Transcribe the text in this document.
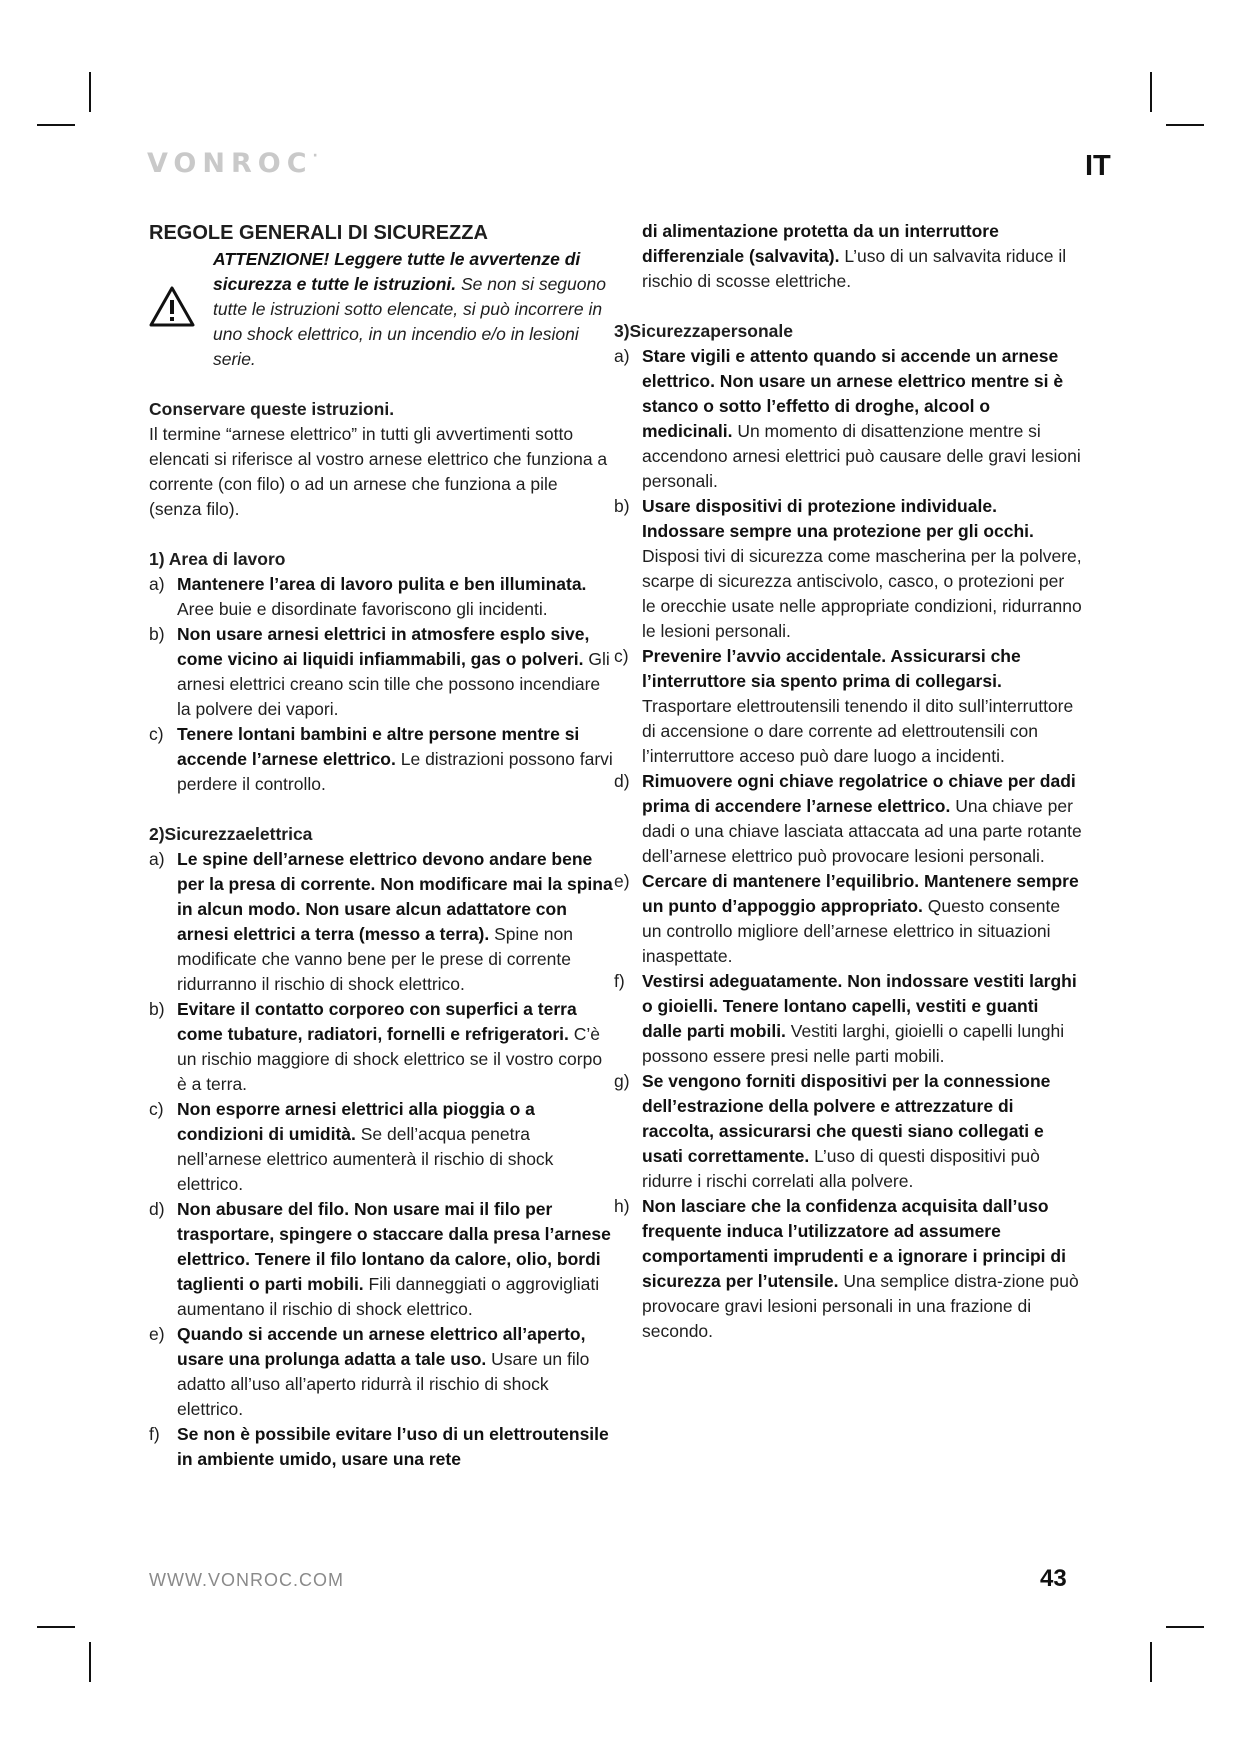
VONROC·	IT
REGOLE GENERALI DI SICUREZZA
ATTENZIONE! Leggere tutte le avvertenze di sicurezza e tutte le istruzioni. Se non si seguono tutte le istruzioni sotto elencate, si può incorrere in uno shock elettrico, in un incendio e/o in lesioni serie.
Conservare queste istruzioni.
Il termine “arnese elettrico” in tutti gli avvertimenti sotto elencati si riferisce al vostro arnese elettrico che funziona a corrente (con filo) o ad un arnese che funziona a pile (senza filo).
1) Area di lavoro
a) Mantenere l’area di lavoro pulita e ben illuminata. Aree buie e disordinate favoriscono gli incidenti.
b) Non usare arnesi elettrici in atmosfere esplo sive, come vicino ai liquidi infiammabili, gas o polveri. Gli arnesi elettrici creano scin tille che possono incendiare la polvere dei vapori.
c) Tenere lontani bambini e altre persone mentre si accende l’arnese elettrico. Le distrazioni possono farvi perdere il controllo.
2)Sicurezzaelettrica
a) Le spine dell’arnese elettrico devono andare bene per la presa di corrente. Non modificare mai la spina in alcun modo. Non usare alcun adattatore con arnesi elettrici a terra (messo a terra). Spine non modificate che vanno bene per le prese di corrente ridurranno il rischio di shock elettrico.
b) Evitare il contatto corporeo con superfici a terra come tubature, radiatori, fornelli e refrigeratori. C’è un rischio maggiore di shock elettrico se il vostro corpo è a terra.
c) Non esporre arnesi elettrici alla pioggia o a condizioni di umidità. Se dell’acqua penetra nell’arnese elettrico aumenterà il rischio di shock elettrico.
d) Non abusare del filo. Non usare mai il filo per trasportare, spingere o staccare dalla presa l’arnese elettrico. Tenere il filo lontano da calore, olio, bordi taglienti o parti mobili. Fili danneggiati o aggrovigliati aumentano il rischio di shock elettrico.
e) Quando si accende un arnese elettrico all’aperto, usare una prolunga adatta a tale uso. Usare un filo adatto all’uso all’aperto ridurrà il rischio di shock elettrico.
f) Se non è possibile evitare l’uso di un elettroutensile in ambiente umido, usare una rete
di alimentazione protetta da un interruttore differenziale (salvavita). L’uso di un salvavita riduce il rischio di scosse elettriche.
3)Sicurezzapersonale
a) Stare vigili e attento quando si accende un arnese elettrico. Non usare un arnese elettrico mentre si è stanco o sotto l’effetto di droghe, alcool o medicinali. Un momento di disattenzione mentre si accendono arnesi elettrici può causare delle gravi lesioni personali.
b) Usare dispositivi di protezione individuale. Indossare sempre una protezione per gli occhi. Disposi tivi di sicurezza come mascherina per la polvere, scarpe di sicurezza antiscivolo, casco, o protezioni per le orecchie usate nelle appropriate condizioni, ridurranno le lesioni personali.
c) Prevenire l’avvio accidentale. Assicurarsi che l’interruttore sia spento prima di collegarsi. Trasportare elettroutensili tenendo il dito sull’interruttore di accensione o dare corrente ad elettroutensili con l’interruttore acceso può dare luogo a incidenti.
d) Rimuovere ogni chiave regolatrice o chiave per dadi prima di accendere l’arnese elettrico. Una chiave per dadi o una chiave lasciata attaccata ad una parte rotante dell’arnese elettrico può provocare lesioni personali.
e) Cercare di mantenere l’equilibrio. Mantenere sempre un punto d’appoggio appropriato. Questo consente un controllo migliore dell’arnese elettrico in situazioni inaspettate.
f) Vestirsi adeguatamente. Non indossare vestiti larghi o gioielli. Tenere lontano capelli, vestiti e guanti dalle parti mobili. Vestiti larghi, gioielli o capelli lunghi possono essere presi nelle parti mobili.
g) Se vengono forniti dispositivi per la connessione dell’estrazione della polvere e attrezzature di raccolta, assicurarsi che questi siano collegati e usati correttamente. L’uso di questi dispositivi può ridurre i rischi correlati alla polvere.
h) Non lasciare che la confidenza acquisita dall’uso frequente induca l’utilizzatore ad assumere comportamenti imprudenti e a ignorare i principi di sicurezza per l’utensile. Una semplice distra-zione può provocare gravi lesioni personali in una frazione di secondo.
WWW.VONROC.COM	43
